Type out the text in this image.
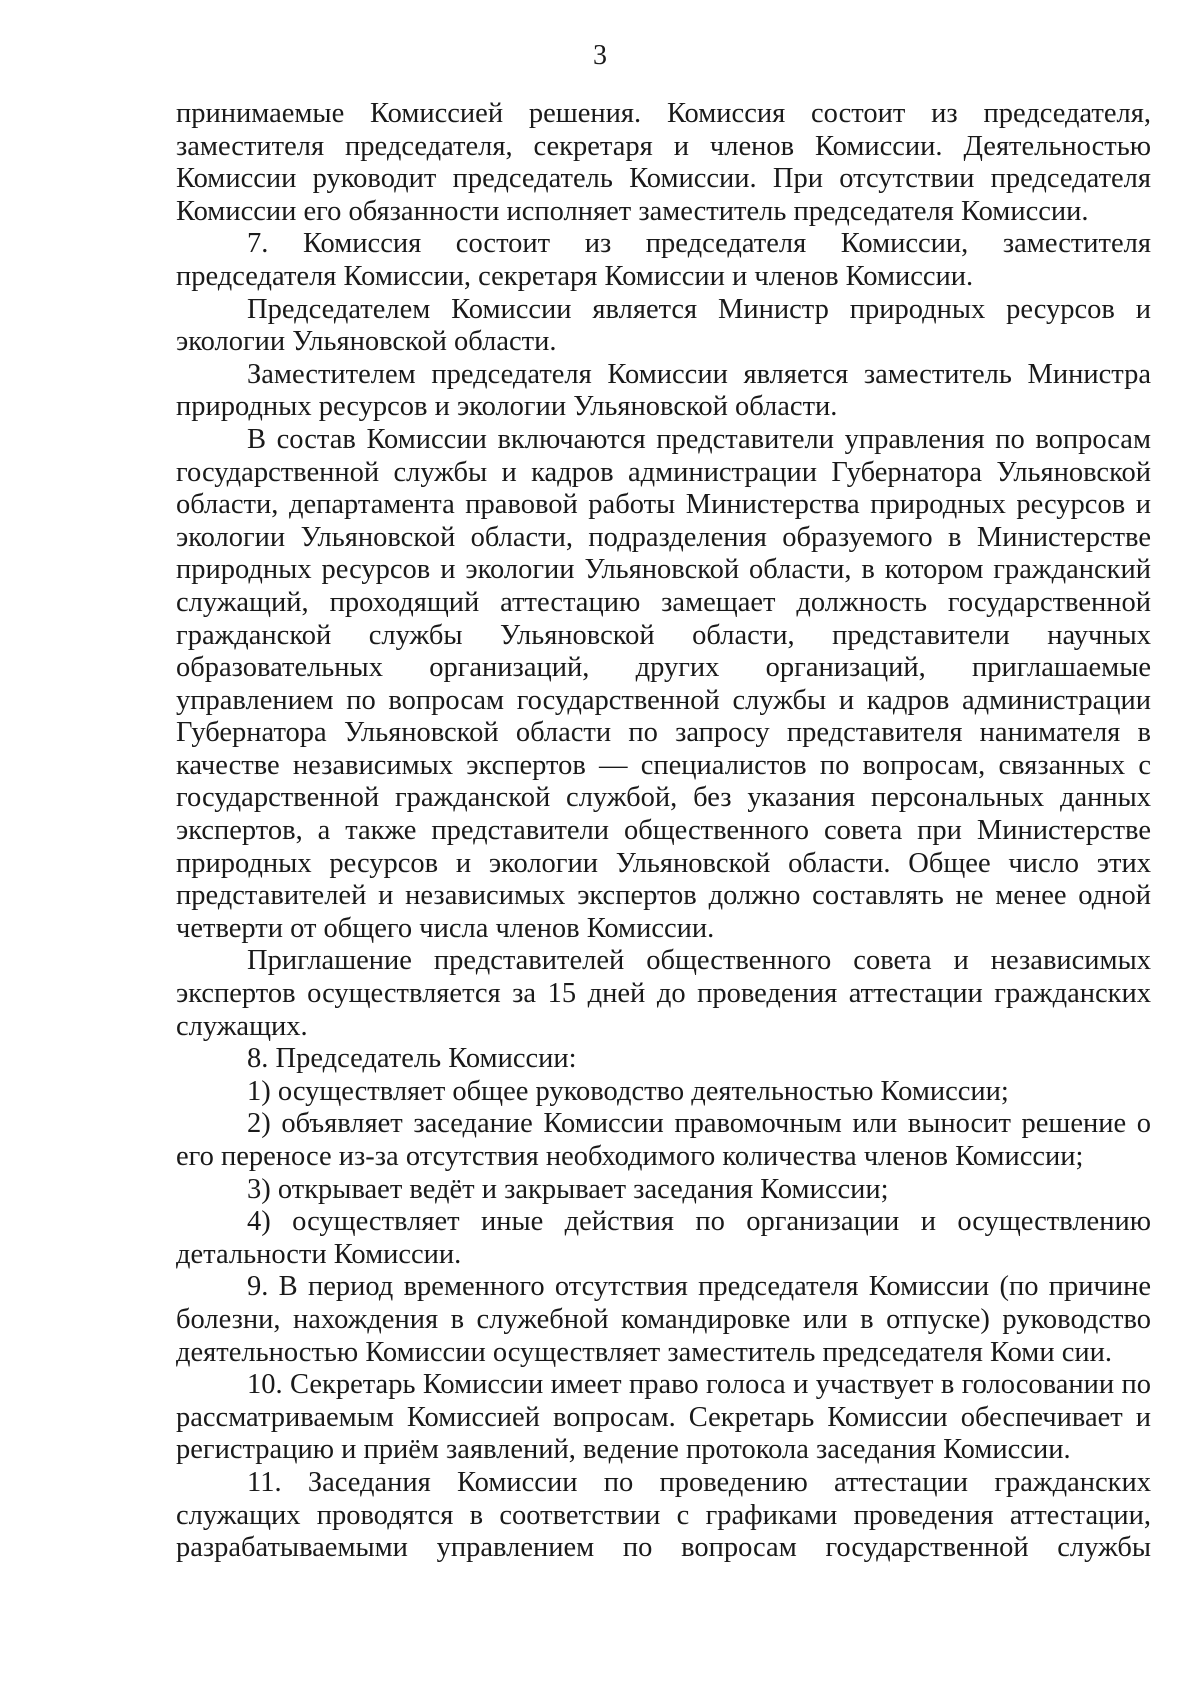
3

принимаемые Комиссией решения. Комиссия состоит из председателя, заместителя председателя, секретаря и членов Комиссии. Деятельностью Комиссии руководит председатель Комиссии. При отсутствии председателя Комиссии его обязанности исполняет заместитель председателя Комиссии.

7. Комиссия состоит из председателя Комиссии, заместителя председателя Комиссии, секретаря Комиссии и членов Комиссии.

Председателем Комиссии является Министр природных ресурсов и экологии Ульяновской области.

Заместителем председателя Комиссии является заместитель Министра природных ресурсов и экологии Ульяновской области.

В состав Комиссии включаются представители управления по вопросам государственной службы и кадров администрации Губернатора Ульяновской области, департамента правовой работы Министерства природных ресурсов и экологии Ульяновской области, подразделения образуемого в Министерстве природных ресурсов и экологии Ульяновской области, в котором гражданский служащий, проходящий аттестацию замещает должность государственной гражданской службы Ульяновской области, представители научных образовательных организаций, других организаций, приглашаемые управлением по вопросам государственной службы и кадров администрации Губернатора Ульяновской области по запросу представителя нанимателя в качестве независимых экспертов — специалистов по вопросам, связанных с государственной гражданской службой, без указания персональных данных экспертов, а также представители общественного совета при Министерстве природных ресурсов и экологии Ульяновской области. Общее число этих представителей и независимых экспертов должно составлять не менее одной четверти от общего числа членов Комиссии.

Приглашение представителей общественного совета и независимых экспертов осуществляется за 15 дней до проведения аттестации гражданских служащих.

8. Председатель Комиссии:

1) осуществляет общее руководство деятельностью Комиссии;

2) объявляет заседание Комиссии правомочным или выносит решение о его переносе из-за отсутствия необходимого количества членов Комиссии;

3) открывает ведёт и закрывает заседания Комиссии;

4) осуществляет иные действия по организации и осуществлению детальности Комиссии.

9. В период временного отсутствия председателя Комиссии (по причине болезни, нахождения в служебной командировке или в отпуске) руководство деятельностью Комиссии осуществляет заместитель председателя Коми сии.

10. Секретарь Комиссии имеет право голоса и участвует в голосовании по рассматриваемым Комиссией вопросам. Секретарь Комиссии обеспечивает и регистрацию и приём заявлений, ведение протокола заседания Комиссии.

11. Заседания Комиссии по проведению аттестации гражданских служащих проводятся в соответствии с графиками проведения аттестации, разрабатываемыми управлением по вопросам государственной службы
